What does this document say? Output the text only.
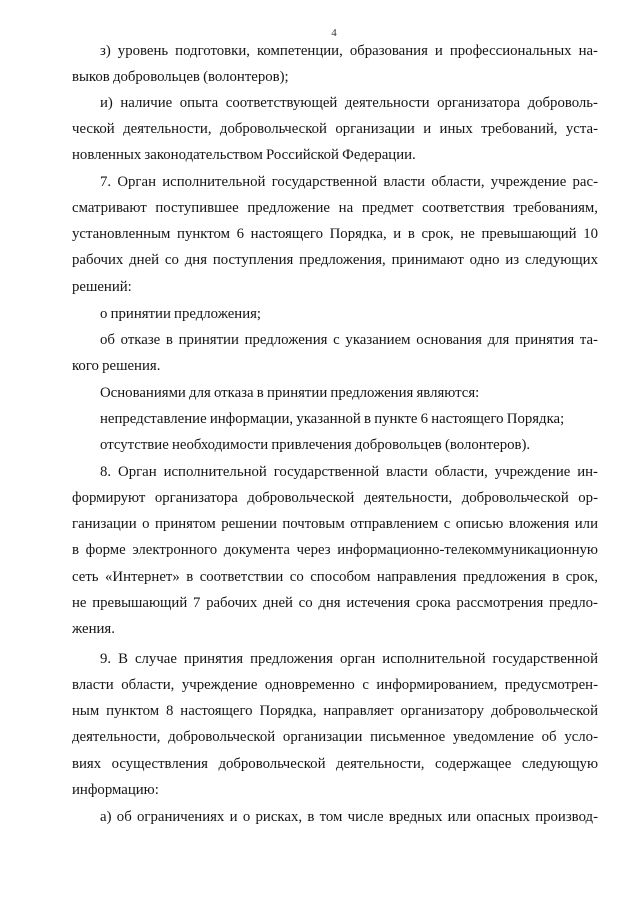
4
з) уровень подготовки, компетенции, образования и профессиональных на-
выков добровольцев (волонтеров);
и) наличие опыта соответствующей деятельности организатора доброволь-
ческой деятельности, добровольческой организации и иных требований, уста-
новленных законодательством Российской Федерации.
7. Орган исполнительной государственной власти области, учреждение рас-
сматривают поступившее предложение на предмет соответствия требованиям,
установленным пунктом 6 настоящего Порядка, и в срок, не превышающий 10
рабочих дней со дня поступления предложения, принимают одно из следующих
решений:
о принятии предложения;
об отказе в принятии предложения с указанием основания для принятия та-
кого решения.
Основаниями для отказа в принятии предложения являются:
непредставление информации, указанной в пункте 6 настоящего Порядка;
отсутствие необходимости привлечения добровольцев (волонтеров).
8. Орган исполнительной государственной власти области, учреждение ин-
формируют организатора добровольческой деятельности, добровольческой ор-
ганизации о принятом решении почтовым отправлением с описью вложения или
в форме электронного документа через информационно-телекоммуникационную
сеть «Интернет» в соответствии со способом направления предложения в срок,
не превышающий 7 рабочих дней со дня истечения срока рассмотрения предло-
жения.
9. В случае принятия предложения орган исполнительной государственной
власти области, учреждение одновременно с информированием, предусмотрен-
ным пунктом 8 настоящего Порядка, направляет организатору добровольческой
деятельности, добровольческой организации письменное уведомление об усло-
виях осуществления добровольческой деятельности, содержащее следующую
информацию:
а) об ограничениях и о рисках, в том числе вредных или опасных производ-
